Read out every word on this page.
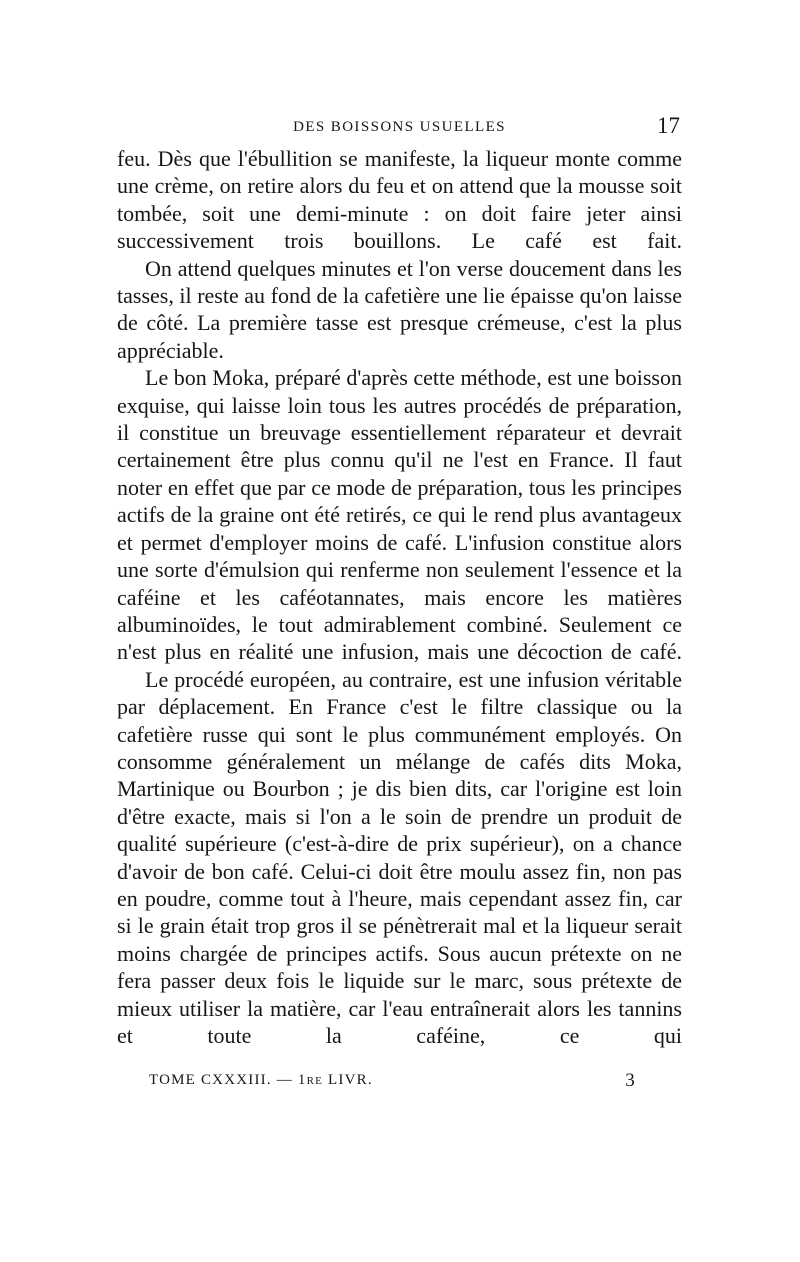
DES BOISSONS USUELLES	17

feu. Dès que l'ébullition se manifeste, la liqueur monte comme une crème, on retire alors du feu et on attend que la mousse soit tombée, soit une demi-minute : on doit faire jeter ainsi successivement trois bouillons. Le café est fait.

On attend quelques minutes et l'on verse doucement dans les tasses, il reste au fond de la cafetière une lie épaisse qu'on laisse de côté. La première tasse est presque crémeuse, c'est la plus appréciable.

Le bon Moka, préparé d'après cette méthode, est une boisson exquise, qui laisse loin tous les autres procédés de préparation, il constitue un breuvage essentiellement réparateur et devrait certainement être plus connu qu'il ne l'est en France. Il faut noter en effet que par ce mode de préparation, tous les principes actifs de la graine ont été retirés, ce qui le rend plus avantageux et permet d'employer moins de café. L'infusion constitue alors une sorte d'émulsion qui renferme non seulement l'essence et la caféine et les caféotannates, mais encore les matières albuminoïdes, le tout admirablement combiné. Seulement ce n'est plus en réalité une infusion, mais une décoction de café.

Le procédé européen, au contraire, est une infusion véritable par déplacement. En France c'est le filtre classique ou la cafetière russe qui sont le plus communément employés. On consomme généralement un mélange de cafés dits Moka, Martinique ou Bourbon ; je dis bien dits, car l'origine est loin d'être exacte, mais si l'on a le soin de prendre un produit de qualité supérieure (c'est-à-dire de prix supérieur), on a chance d'avoir de bon café. Celui-ci doit être moulu assez fin, non pas en poudre, comme tout à l'heure, mais cependant assez fin, car si le grain était trop gros il se pénètrerait mal et la liqueur serait moins chargée de principes actifs. Sous aucun prétexte on ne fera passer deux fois le liquide sur le marc, sous prétexte de mieux utiliser la matière, car l'eau entraînerait alors les tannins et toute la caféine, ce qui

TOME CXXXIII. — 1re LIVR.	3
